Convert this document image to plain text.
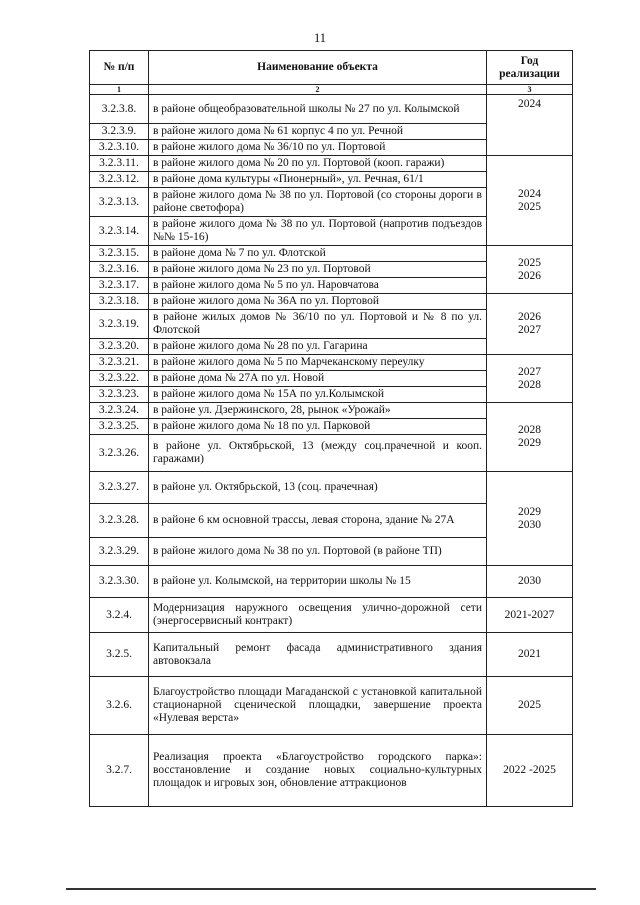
11
№ п/п	Наименование объекта	Год реализации
1	2	3
3.2.3.8.	в районе общеобразовательной школы № 27 по ул. Колымской	2024
3.2.3.9.	в районе жилого дома № 61 корпус 4 по ул. Речной	
3.2.3.10.	в районе жилого дома № 36/10 по ул. Портовой	
3.2.3.11.	в районе жилого дома № 20 по ул. Портовой (кооп. гаражи)	2024
2025

3.2.3.12.	в районе дома культуры «Пионерный», ул. Речная, 61/1	
3.2.3.13.	в районе жилого дома № 38 по ул. Портовой (со стороны дороги в районе светофора)	
3.2.3.14.	в районе жилого дома № 38 по ул. Портовой (напротив подъездов №№ 15-16)	
3.2.3.15.	в районе дома № 7 по ул. Флотской	2025
2026

3.2.3.16.	в районе жилого дома № 23 по ул. Портовой	
3.2.3.17.	в районе жилого дома № 5 по ул. Наровчатова	
3.2.3.18.	в районе жилого дома № 36А по ул. Портовой	2026
2027

3.2.3.19.	в районе жилых домов № 36/10 по ул. Портовой и № 8 по ул. Флотской	
3.2.3.20.	в районе жилого дома № 28 по ул. Гагарина	
3.2.3.21.	в районе жилого дома № 5 по Марчеканскому переулку	2027
2028

3.2.3.22.	в районе дома № 27А по ул. Новой	
3.2.3.23.	в районе жилого дома № 15А по ул.Колымской	
3.2.3.24.	в районе ул. Дзержинского, 28, рынок «Урожай»	2028
2029

3.2.3.25.	в районе жилого дома № 18 по ул. Парковой	
3.2.3.26.	в районе ул. Октябрьской, 13 (между соц.прачечной и кооп. гаражами)	
3.2.3.27.	в районе ул. Октябрьской, 13 (соц. прачечная)	2029
2030

3.2.3.28.	в районе 6 км основной трассы, левая сторона, здание № 27А	
3.2.3.29.	в районе жилого дома № 38 по ул. Портовой (в районе ТП)	
3.2.3.30.	в районе ул. Колымской, на территории школы № 15	2030
3.2.4.	Модернизация наружного освещения улично-дорожной сети (энергосервисный контракт)	2021-2027
3.2.5.	Капитальный ремонт фасада административного здания автовокзала	2021
3.2.6.	Благоустройство площади Магаданской с установкой капитальной стационарной сценической площадки, завершение проекта «Нулевая верста»	2025
3.2.7.	Реализация проекта «Благоустройство городского парка»: восстановление и создание новых социально-культурных площадок и игровых зон, обновление аттракционов	2022 -2025
